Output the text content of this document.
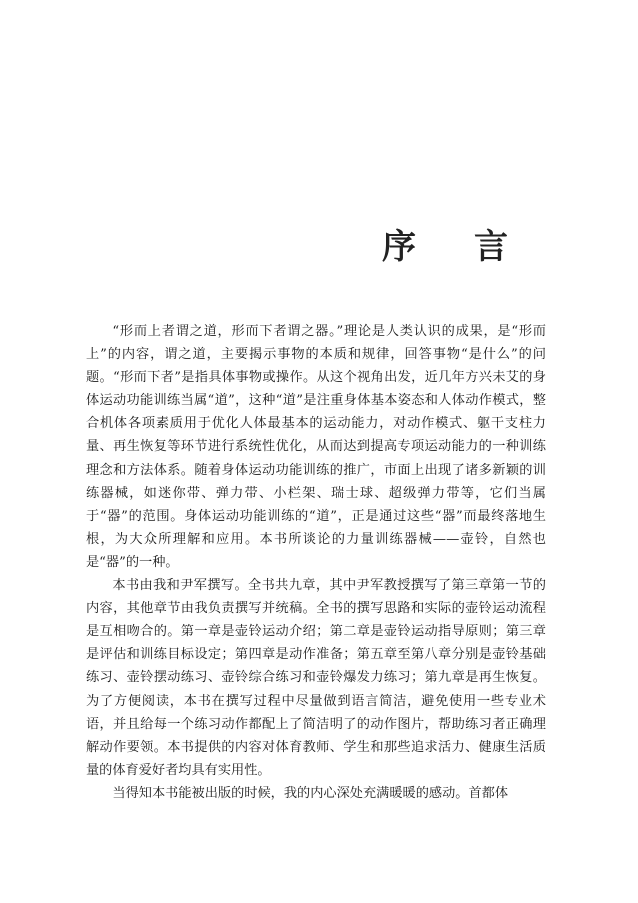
序 言

“形而上者谓之道，形而下者谓之器。”理论是人类认识的成果，是“形而上”的内容，谓之道，主要揭示事物的本质和规律，回答事物“是什么”的问题。“形而下者”是指具体事物或操作。从这个视角出发，近几年方兴未艾的身体运动功能训练当属“道”，这种“道”是注重身体基本姿态和人体动作模式，整合机体各项素质用于优化人体最基本的运动能力，对动作模式、躯干支柱力量、再生恢复等环节进行系统性优化，从而达到提高专项运动能力的一种训练理念和方法体系。随着身体运动功能训练的推广，市面上出现了诸多新颖的训练器械，如迷你带、弹力带、小栏架、瑞士球、超级弹力带等，它们当属于“器”的范围。身体运动功能训练的“道”，正是通过这些“器”而最终落地生根，为大众所理解和应用。本书所谈论的力量训练器械——壶铃，自然也是“器”的一种。

本书由我和尹军撰写。全书共九章，其中尹军教授撰写了第三章第一节的内容，其他章节由我负责撰写并统稿。全书的撰写思路和实际的壶铃运动流程是互相吻合的。第一章是壶铃运动介绍；第二章是壶铃运动指导原则；第三章是评估和训练目标设定；第四章是动作准备；第五章至第八章分别是壶铃基础练习、壶铃摆动练习、壶铃综合练习和壶铃爆发力练习；第九章是再生恢复。为了方便阅读，本书在撰写过程中尽量做到语言简洁，避免使用一些专业术语，并且给每一个练习动作都配上了简洁明了的动作图片，帮助练习者正确理解动作要领。本书提供的内容对体育教师、学生和那些追求活力、健康生活质量的体育爱好者均具有实用性。

当得知本书能被出版的时候，我的内心深处充满暖暖的感动。首都体
